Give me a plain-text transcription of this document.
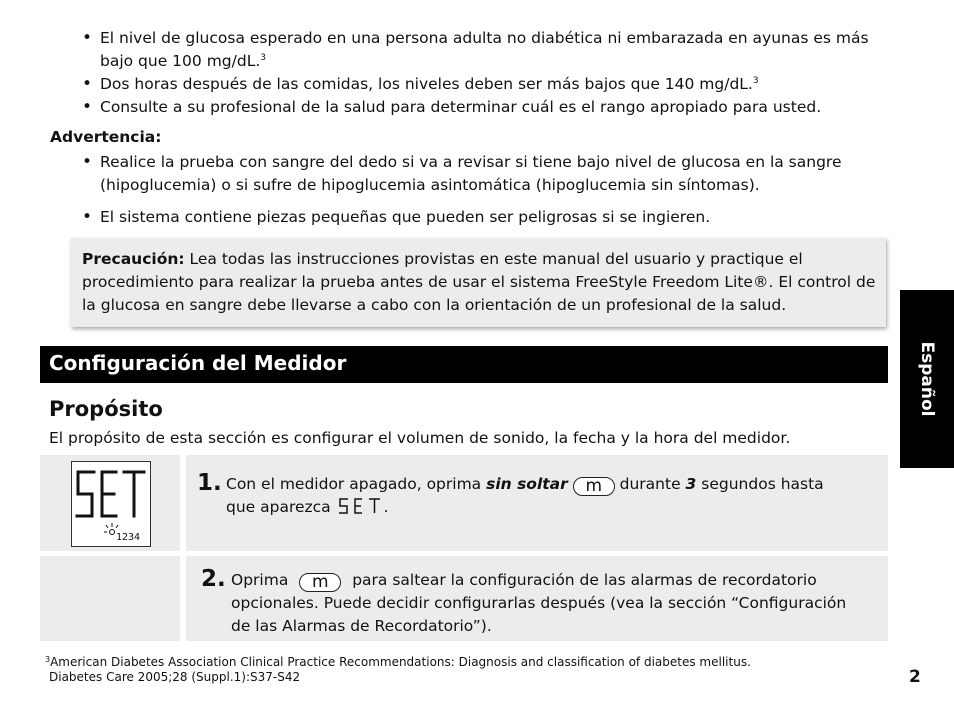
• El nivel de glucosa esperado en una persona adulta no diabética ni embarazada en ayunas es más bajo que 100 mg/dL.$^3$
• Dos horas después de las comidas, los niveles deben ser más bajos que 140 mg/dL.$^3$
• Consulte a su profesional de la salud para determinar cuál es el rango apropiado para usted.
Advertencia:
• Realice la prueba con sangre del dedo si va a revisar si tiene bajo nivel de glucosa en la sangre (hipoglucemia) o si sufre de hipoglucemia asintomática (hipoglucemia sin síntomas).
• El sistema contiene piezas pequeñas que pueden ser peligrosas si se ingieren.

Precaución: Lea todas las instrucciones provistas en este manual del usuario y practique el procedimiento para realizar la prueba antes de usar el sistema FreeStyle Freedom Lite®. El control de la glucosa en sangre debe llevarse a cabo con la orientación de un profesional de la salud.

Configuración del Medidor	Español
Propósito
El propósito de esta sección es configurar el volumen de sonido, la fecha y la hora del medidor.
1234
1. Con el medidor apagado, oprima sin soltar m durante 3 segundos hasta
que aparezca	.
2. Oprima m para saltear la configuración de las alarmas de recordatorio
opcionales. Puede decidir configurarlas después (vea la sección “Configuración
de las Alarmas de Recordatorio”).
$^3$American Diabetes Association Clinical Practice Recommendations: Diagnosis and classification of diabetes mellitus.
Diabetes Care 2005;28 (Suppl.1):S37-S42	2
